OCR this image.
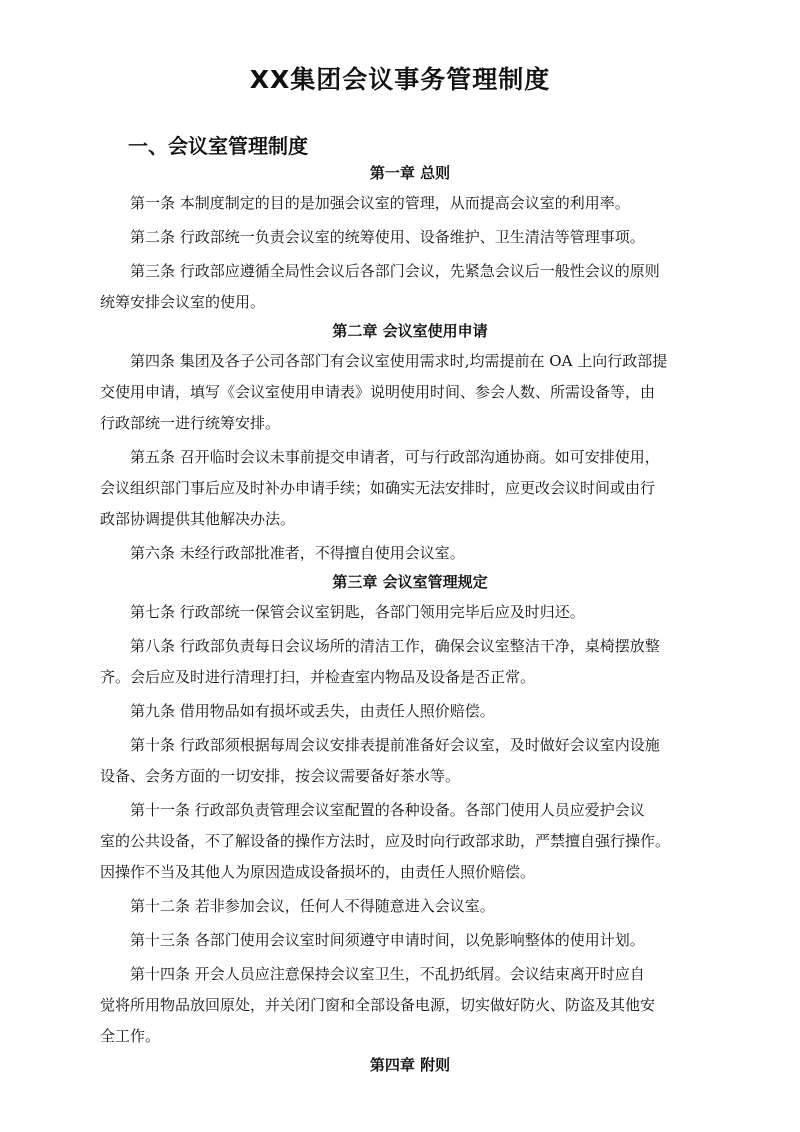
XX集团会议事务管理制度
一、会议室管理制度
第一章 总则
第一条 本制度制定的目的是加强会议室的管理，从而提高会议室的利用率。
第二条 行政部统一负责会议室的统筹使用、设备维护、卫生清洁等管理事项。
第三条 行政部应遵循全局性会议后各部门会议，先紧急会议后一般性会议的原则
统筹安排会议室的使用。
第二章 会议室使用申请
第四条 集团及各子公司各部门有会议室使用需求时,均需提前在 OA 上向行政部提
交使用申请，填写《会议室使用申请表》说明使用时间、参会人数、所需设备等，由
行政部统一进行统筹安排。
第五条 召开临时会议未事前提交申请者，可与行政部沟通协商。如可安排使用，
会议组织部门事后应及时补办申请手续；如确实无法安排时，应更改会议时间或由行
政部协调提供其他解决办法。
第六条 未经行政部批准者，不得擅自使用会议室。
第三章 会议室管理规定
第七条 行政部统一保管会议室钥匙，各部门领用完毕后应及时归还。
第八条 行政部负责每日会议场所的清洁工作，确保会议室整洁干净，桌椅摆放整
齐。会后应及时进行清理打扫，并检查室内物品及设备是否正常。
第九条 借用物品如有损坏或丢失，由责任人照价赔偿。
第十条 行政部须根据每周会议安排表提前准备好会议室，及时做好会议室内设施
设备、会务方面的一切安排，按会议需要备好茶水等。
第十一条 行政部负责管理会议室配置的各种设备。各部门使用人员应爱护会议
室的公共设备，不了解设备的操作方法时，应及时向行政部求助，严禁擅自强行操作。
因操作不当及其他人为原因造成设备损坏的，由责任人照价赔偿。
第十二条 若非参加会议，任何人不得随意进入会议室。
第十三条 各部门使用会议室时间须遵守申请时间，以免影响整体的使用计划。
第十四条 开会人员应注意保持会议室卫生，不乱扔纸屑。会议结束离开时应自
觉将所用物品放回原处，并关闭门窗和全部设备电源，切实做好防火、防盗及其他安
全工作。
第四章 附则
